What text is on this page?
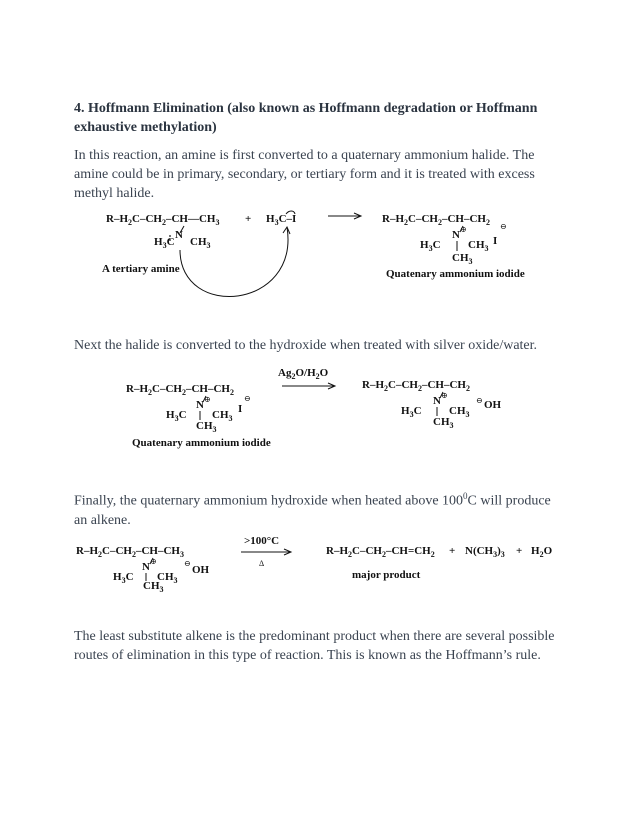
4. Hoffmann Elimination (also known as Hoffmann degradation or Hoffmann exhaustive methylation)
In this reaction, an amine is first converted to a quaternary ammonium halide. The amine could be in primary, secondary, or tertiary form and it is treated with excess methyl halide.
Next the halide is converted to the hydroxide when treated with silver oxide/water.
Finally, the quaternary ammonium hydroxide when heated above $100^0C$ will produce an alkene.
The least substitute alkene is the predominant product when there are several possible routes of elimination in this type of reaction. This is known as the Hoffmann’s rule.
$R-H_2C-CH_2-CH—CH_3$
N
$H_3C$ $CH_3$
A tertiary amine
+ $H_3C-I$	$R-H_2C-CH_2-CH-CH_2$
N ⊕
$H_3C$ $CH_3$
$CH_3$
⊖
I
Quatenary ammonium iodide
$R-H_2C-CH_2-CH-CH_2$
N ⊕
$H_3C$ $CH_3$
$CH_3$
⊖
I
Quatenary ammonium iodide
$Ag_2O/H_2O$
$R-H_2C-CH_2-CH-CH_2$
N ⊕
$H_3C$ $CH_3$
$CH_3$
⊖ OH
$R-H_2C-CH_2-CH-CH_3$
N ⊕
$H_3C$ $CH_3$
$CH_3$
⊖
OH
>100°C
Δ
$R-H_2C-CH_2-CH=CH_2 + N(CH_3)_3 + H_2O$
major product
